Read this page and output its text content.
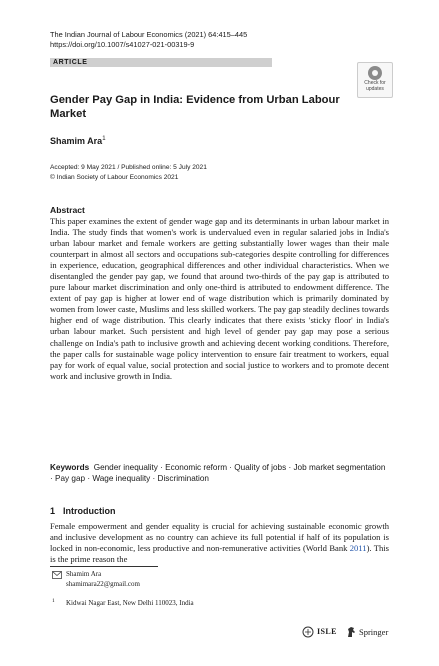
The Indian Journal of Labour Economics (2021) 64:415–445
https://doi.org/10.1007/s41027-021-00319-9
ARTICLE
Check for
updates
Gender Pay Gap in India: Evidence from Urban Labour Market
Shamim Ara$^1$
Accepted: 9 May 2021 / Published online: 5 July 2021
© Indian Society of Labour Economics 2021
Abstract
This paper examines the extent of gender wage gap and its determinants in urban labour market in India. The study finds that women's work is undervalued even in regular salaried jobs in India's urban labour market and female workers are getting substantially lower wages than their male counterpart in almost all sectors and occupations sub-categories despite controlling for differences in experience, education, geographical differences and other individual characteristics. When we disentangled the gender pay gap, we found that around two-thirds of the pay gap is attributed to pure labour market discrimination and only one-third is attributed to endowment difference. The extent of pay gap is higher at lower end of wage distribution which is primarily dominated by women from lower caste, Muslims and less skilled workers. The pay gap steadily declines towards higher end of wage distribution. This clearly indicates that there exists 'sticky floor' in India's urban labour market. Such persistent and high level of gender pay gap may pose a serious challenge on India's path to inclusive growth and achieving decent working conditions. Therefore, the paper calls for sustainable wage policy intervention to ensure fair treatment to workers, equal pay for work of equal value, social protection and social justice to workers and to promote decent work and inclusive growth in India.
Keywords Gender inequality · Economic reform · Quality of jobs · Job market segmentation · Pay gap · Wage inequality · Discrimination
1 Introduction
Female empowerment and gender equality is crucial for achieving sustainable economic growth and inclusive development as no country can achieve its full potential if half of its population is locked in non-economic, less productive and non-remunerative activities (World Bank 2011). This is the prime reason the
Shamim Ara
shamimara22@gmail.com
1 Kidwai Nagar East, New Delhi 110023, India
ISLE	Springer
